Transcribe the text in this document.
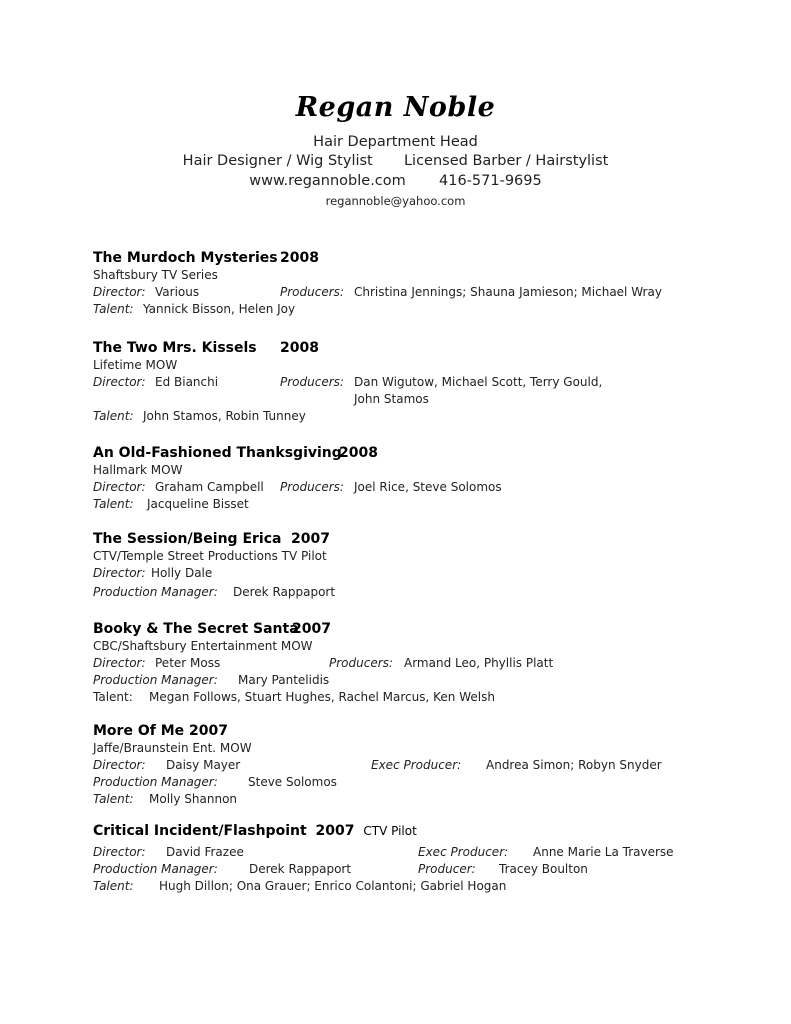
Regan Noble
Hair Department Head
Hair Designer / Wig Stylist Licensed Barber / Hairstylist
www.regannoble.com 416-571-9695
regannoble@yahoo.com
The Murdoch Mysteries 2008
Shaftsbury TV Series
Director: Various	Producers: Christina Jennings; Shauna Jamieson; Michael Wray
Talent: Yannick Bisson, Helen Joy
The Two Mrs. Kissels 2008
Lifetime MOW
Director: Ed Bianchi	Producers: Dan Wigutow, Michael Scott, Terry Gould,
John Stamos
Talent: John Stamos, Robin Tunney
An Old-Fashioned Thanksgiving
2008
Hallmark MOW
Director: Graham Campbell Producers: Joel Rice, Steve Solomos
Talent: Jacqueline Bisset
The Session/Being Erica 2007
CTV/Temple Street Productions TV Pilot
Director: Holly Dale
Production Manager: Derek Rappaport
Booky & The Secret Santa
2007
CBC/Shaftsbury Entertainment MOW
Director: Peter Moss	Producers: Armand Leo, Phyllis Platt
Production Manager: Mary Pantelidis
Talent: Megan Follows, Stuart Hughes, Rachel Marcus, Ken Welsh
More Of Me 2007
Jaffe/Braunstein Ent. MOW
Director: Daisy Mayer	Exec Producer: Andrea Simon; Robyn Snyder
Production Manager:	Steve Solomos
Talent: Molly Shannon
Critical Incident/Flashpoint 2007 CTV Pilot
Director: David Frazee	Exec Producer: Anne Marie La Traverse
Production Manager:	Derek Rappaport	Producer: Tracey Boulton
Talent: Hugh Dillon; Ona Grauer; Enrico Colantoni; Gabriel Hogan
